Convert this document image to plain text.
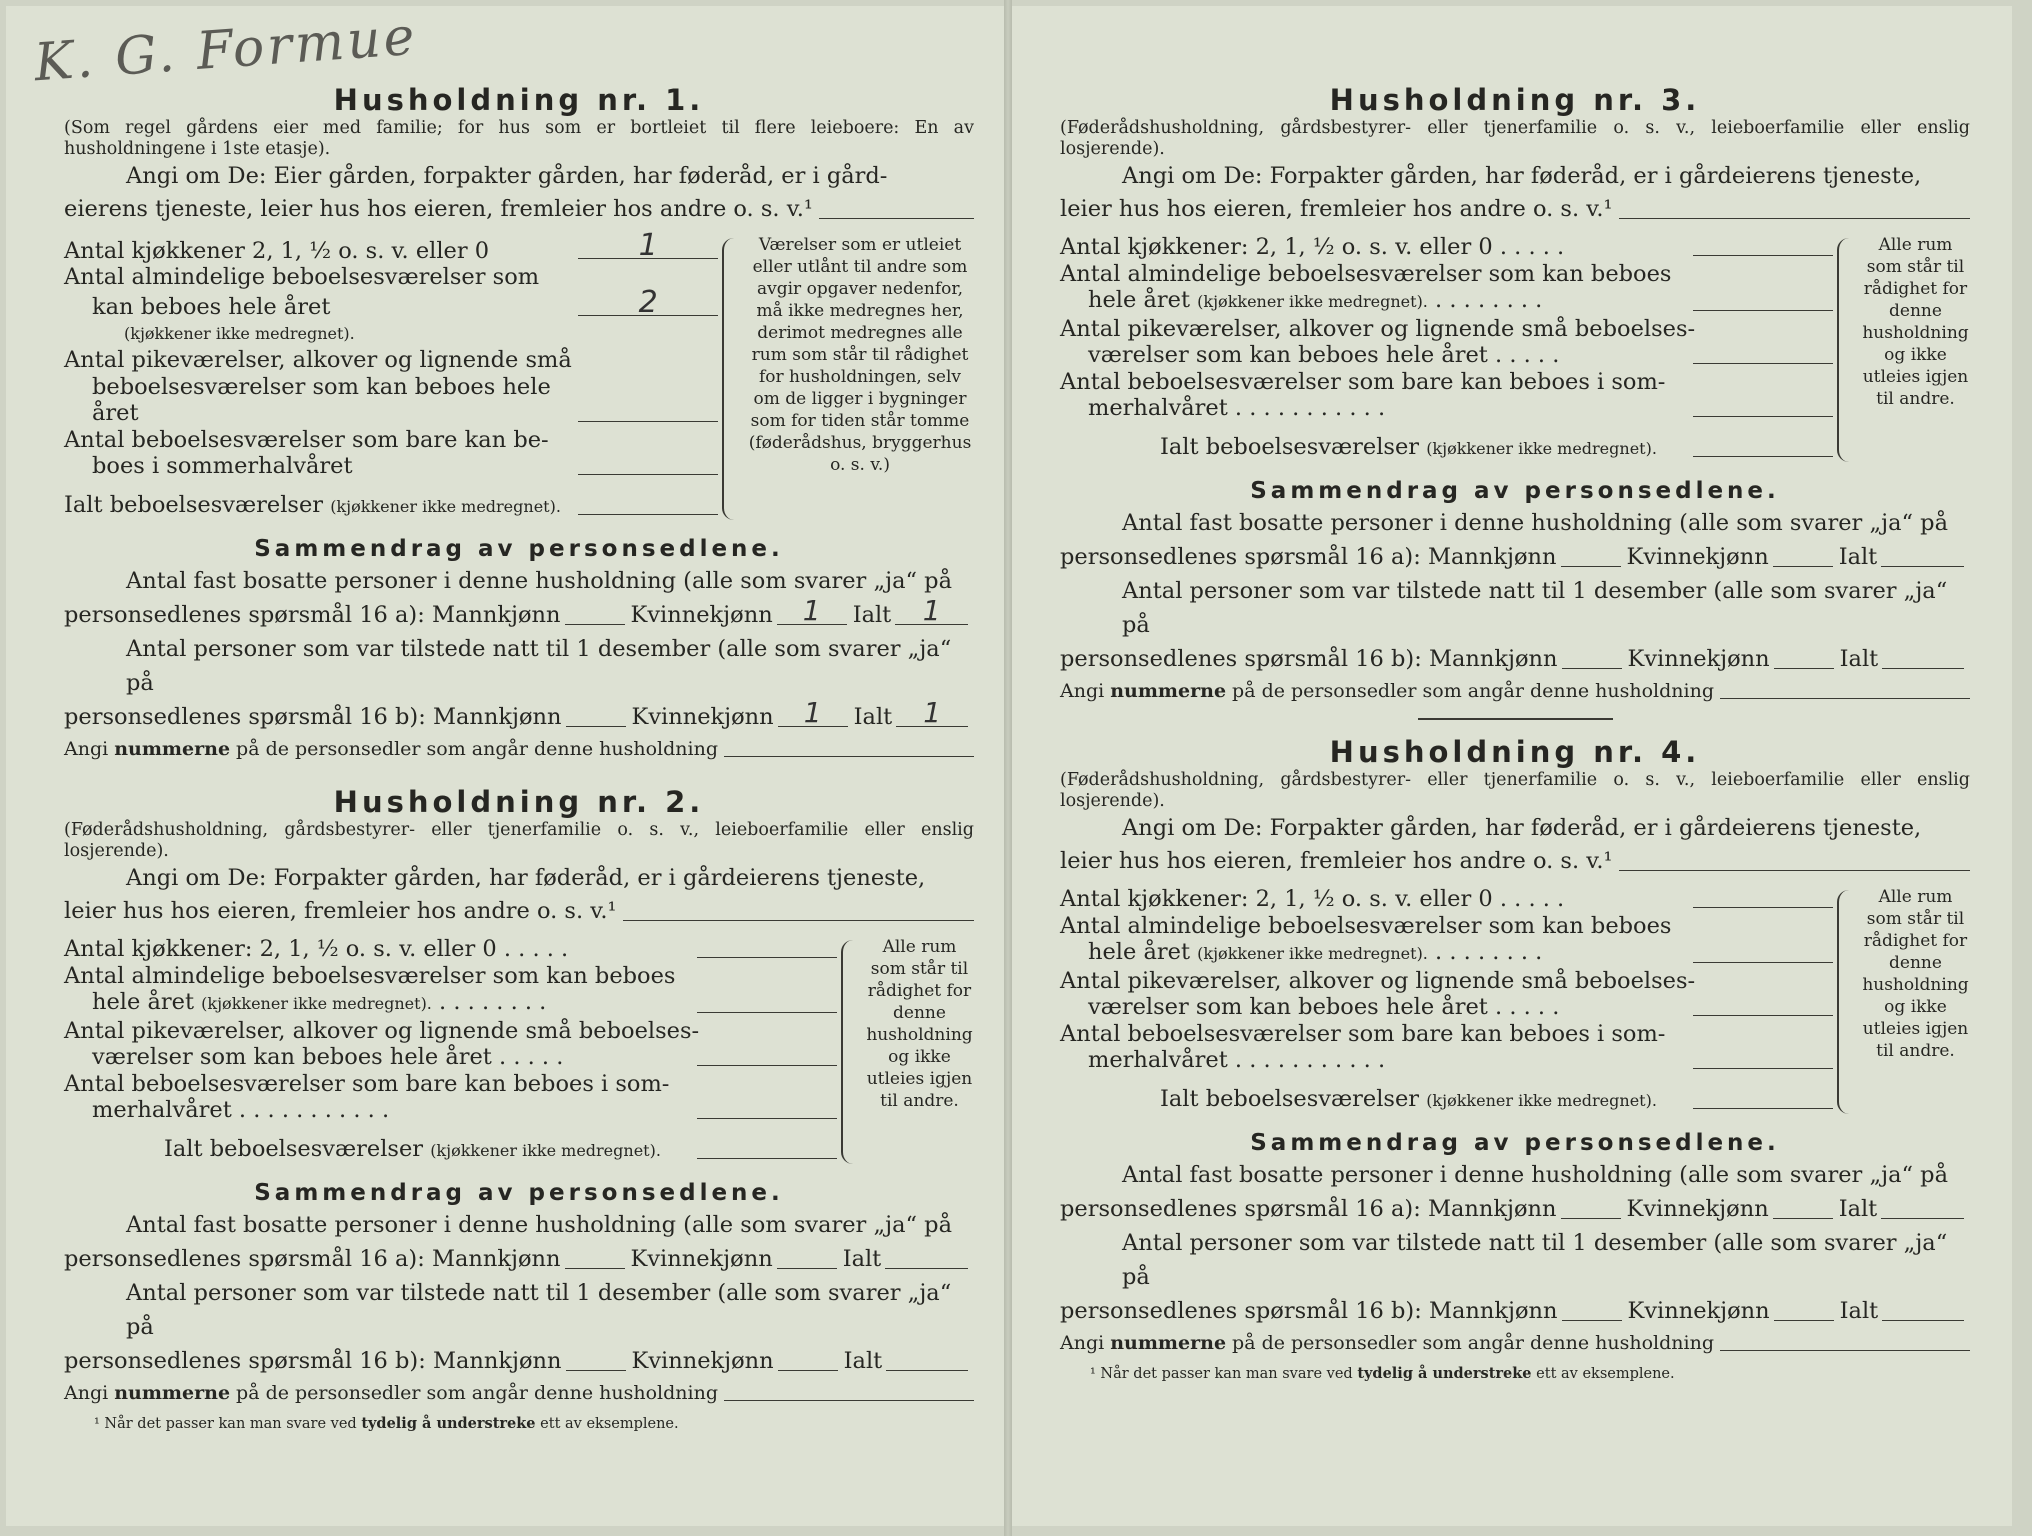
K. G. Formue
Husholdning nr. 1.
(Som regel gårdens eier med familie; for hus som er bortleiet til flere leieboere: En av husholdningene i 1ste etasje).
Angi om De: Eier gården, forpakter gården, har føderåd, er i gård-
eierens tjeneste, leier hus hos eieren, fremleier hos andre o. s. v.¹
Antal kjøkkener 2, 1, ½ o. s. v. eller 0	1
Antal almindelige beboelsesværelser som
kan beboes hele året	2
(kjøkkener ikke medregnet).
Antal pikeværelser, alkover og lignende små
beboelsesværelser som kan beboes hele året
Antal beboelsesværelser som bare kan be-
boes i sommerhalvåret
Ialt beboelsesværelser (kjøkkener ikke medregnet).
Værelser som er utleiet eller utlånt til andre som avgir opgaver nedenfor, må ikke medregnes her, derimot medregnes alle rum som står til rådighet for husholdningen, selv om de ligger i bygninger som for tiden står tomme (føderådshus, bryggerhus o. s. v.)
Sammendrag av personsedlene.
Antal fast bosatte personer i denne husholdning (alle som svarer „ja“ på
personsedlenes spørsmål 16 a):
Mannkjønn	Kvinnekjønn	1	Ialt	1
Antal personer som var tilstede natt til 1 desember (alle som svarer „ja“ på
personsedlenes spørsmål 16 b):
Mannkjønn	Kvinnekjønn	1	Ialt	1
Angi nummerne på de personsedler som angår denne husholdning
Husholdning nr. 2.
(Føderådshusholdning, gårdsbestyrer- eller tjenerfamilie o. s. v., leieboerfamilie eller enslig losjerende).
Angi om De: Forpakter gården, har føderåd, er i gårdeierens tjeneste,
leier hus hos eieren, fremleier hos andre o. s. v.¹
Antal kjøkkener: 2, 1, ½ o. s. v. eller 0 . . . . .
Antal almindelige beboelsesværelser som kan beboes
hele året (kjøkkener ikke medregnet). . . . . . . . .
Antal pikeværelser, alkover og lignende små beboelses-
værelser som kan beboes hele året . . . . .
Antal beboelsesværelser som bare kan beboes i som-
merhalvåret . . . . . . . . . . .
Ialt beboelsesværelser (kjøkkener ikke medregnet).
Alle rum som står til rådighet for denne husholdning og ikke utleies igjen til andre.
Sammendrag av personsedlene.
Antal fast bosatte personer i denne husholdning (alle som svarer „ja“ på
personsedlenes spørsmål 16 a):
Mannkjønn	Kvinnekjønn	Ialt
Antal personer som var tilstede natt til 1 desember (alle som svarer „ja“ på
personsedlenes spørsmål 16 b):
Mannkjønn	Kvinnekjønn	Ialt
Angi nummerne på de personsedler som angår denne husholdning
¹ Når det passer kan man svare ved tydelig å understreke ett av eksemplene.
Husholdning nr. 3.
(Føderådshusholdning, gårdsbestyrer- eller tjenerfamilie o. s. v., leieboerfamilie eller enslig losjerende).
Angi om De: Forpakter gården, har føderåd, er i gårdeierens tjeneste,
leier hus hos eieren, fremleier hos andre o. s. v.¹
Antal kjøkkener: 2, 1, ½ o. s. v. eller 0 . . . . .
Antal almindelige beboelsesværelser som kan beboes
hele året (kjøkkener ikke medregnet). . . . . . . . .
Antal pikeværelser, alkover og lignende små beboelses-
værelser som kan beboes hele året . . . . .
Antal beboelsesværelser som bare kan beboes i som-
merhalvåret . . . . . . . . . . .
Ialt beboelsesværelser (kjøkkener ikke medregnet).
Alle rum som står til rådighet for denne husholdning og ikke utleies igjen til andre.
Sammendrag av personsedlene.
Antal fast bosatte personer i denne husholdning (alle som svarer „ja“ på
personsedlenes spørsmål 16 a):
Mannkjønn	Kvinnekjønn	Ialt
Antal personer som var tilstede natt til 1 desember (alle som svarer „ja“ på
personsedlenes spørsmål 16 b):
Mannkjønn	Kvinnekjønn	Ialt
Angi nummerne på de personsedler som angår denne husholdning
Husholdning nr. 4.
(Føderådshusholdning, gårdsbestyrer- eller tjenerfamilie o. s. v., leieboerfamilie eller enslig losjerende).
Angi om De: Forpakter gården, har føderåd, er i gårdeierens tjeneste,
leier hus hos eieren, fremleier hos andre o. s. v.¹
Antal kjøkkener: 2, 1, ½ o. s. v. eller 0 . . . . .
Antal almindelige beboelsesværelser som kan beboes
hele året (kjøkkener ikke medregnet). . . . . . . . .
Antal pikeværelser, alkover og lignende små beboelses-
værelser som kan beboes hele året . . . . .
Antal beboelsesværelser som bare kan beboes i som-
merhalvåret . . . . . . . . . . .
Ialt beboelsesværelser (kjøkkener ikke medregnet).
Alle rum som står til rådighet for denne husholdning og ikke utleies igjen til andre.
Sammendrag av personsedlene.
Antal fast bosatte personer i denne husholdning (alle som svarer „ja“ på
personsedlenes spørsmål 16 a):
Mannkjønn	Kvinnekjønn	Ialt
Antal personer som var tilstede natt til 1 desember (alle som svarer „ja“ på
personsedlenes spørsmål 16 b):
Mannkjønn	Kvinnekjønn	Ialt
Angi nummerne på de personsedler som angår denne husholdning
¹ Når det passer kan man svare ved tydelig å understreke ett av eksemplene.
